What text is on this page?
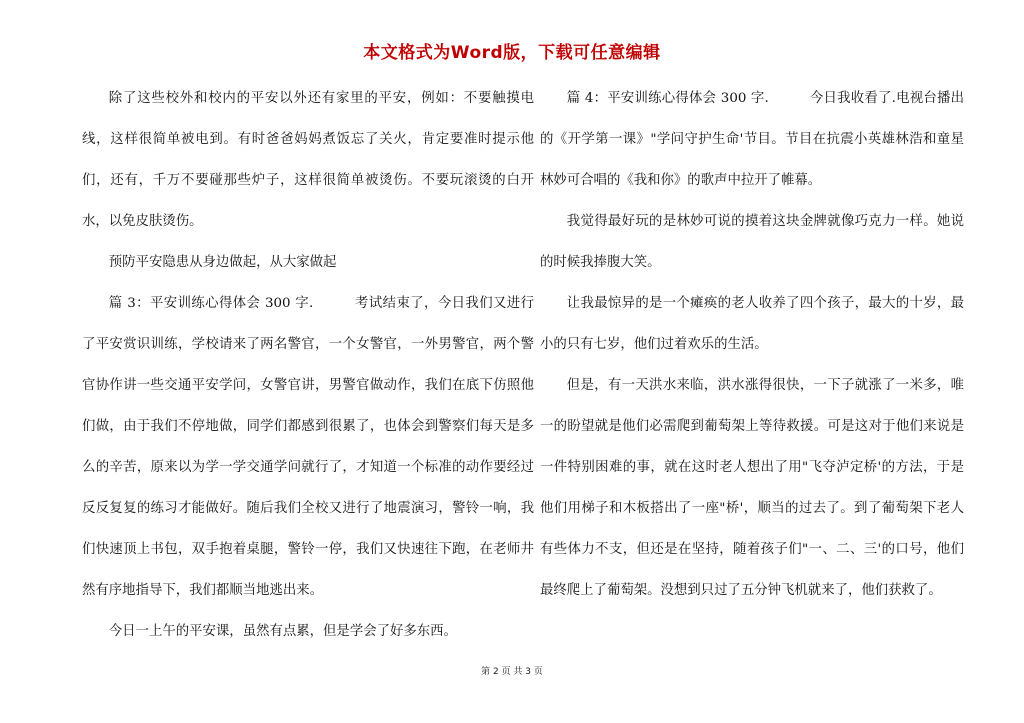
本文格式为Word版，下载可任意编辑

除了这些校外和校内的平安以外还有家里的平安，例如：不要触摸电线，这样很简单被电到。有时爸爸妈妈煮饭忘了关火，肯定要准时提示他们，还有，千万不要碰那些炉子，这样很简单被烫伤。不要玩滚烫的白开水，以免皮肤烫伤。

预防平安隐患从身边做起，从大家做起

篇 3：平安训练心得体会 300 字.　　　考试结束了，今日我们又进行了平安赏识训练，学校请来了两名警官，一个女警官，一外男警官，两个警官协作讲一些交通平安学问，女警官讲，男警官做动作，我们在底下仿照他们做，由于我们不停地做，同学们都感到很累了，也体会到警察们每天是多么的辛苦，原来以为学一学交通学问就行了，才知道一个标准的动作要经过反反复复的练习才能做好。随后我们全校又进行了地震演习，警铃一响，我们快速顶上书包，双手抱着桌腿，警铃一停，我们又快速往下跑，在老师井然有序地指导下，我们都顺当地逃出来。

今日一上午的平安课，虽然有点累，但是学会了好多东西。

篇 4：平安训练心得体会 300 字.　　　今日我收看了.电视台播出的《开学第一课》"学问守护生命'节目。节目在抗震小英雄林浩和童星林妙可合唱的《我和你》的歌声中拉开了帷幕。

我觉得最好玩的是林妙可说的摸着这块金牌就像巧克力一样。她说的时候我捧腹大笑。

让我最惊异的是一个瘫痪的老人收养了四个孩子，最大的十岁，最小的只有七岁，他们过着欢乐的生活。

但是，有一天洪水来临，洪水涨得很快，一下子就涨了一米多，唯一的盼望就是他们必需爬到葡萄架上等待救援。可是这对于他们来说是一件特别困难的事，就在这时老人想出了用"飞夺泸定桥'的方法，于是他们用梯子和木板搭出了一座"桥'，顺当的过去了。到了葡萄架下老人有些体力不支，但还是在坚持，随着孩子们"一、二、三'的口号，他们最终爬上了葡萄架。没想到只过了五分钟飞机就来了，他们获救了。

第 2 页 共 3 页
